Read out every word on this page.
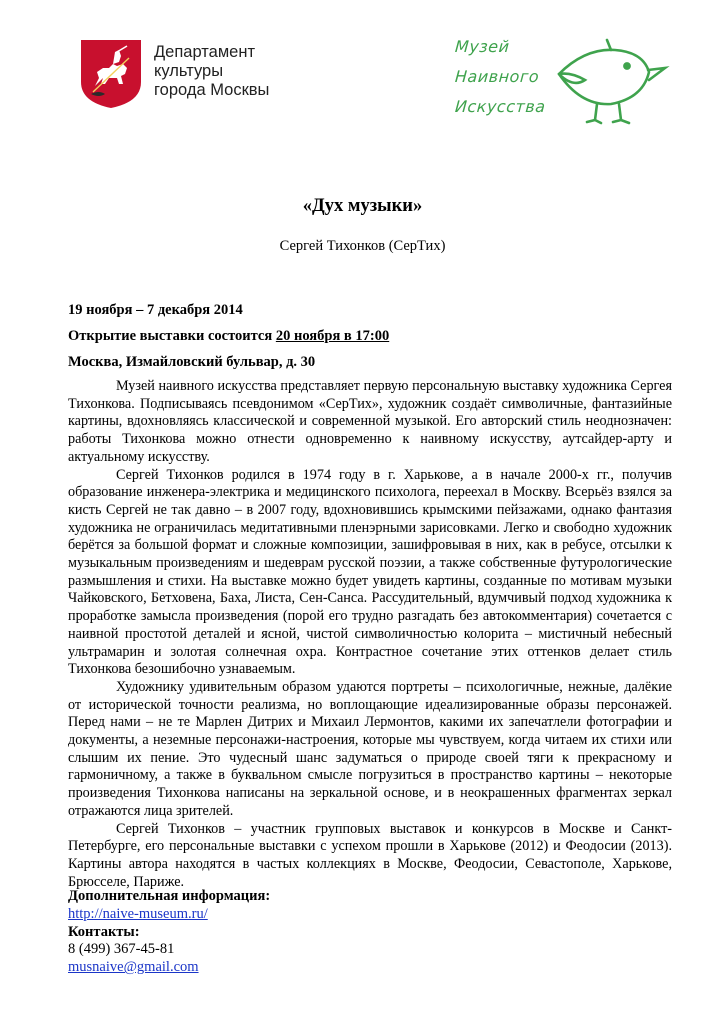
Департамент
культуры
города Москвы
Музей
Наивного
Искусства
«Дух музыки»
Сергей Тихонков (СерТих)

19 ноября – 7 декабря 2014

Открытие выставки состоится 20 ноября в 17:00

Москва, Измайловский бульвар, д. 30

Музей наивного искусства представляет первую персональную выставку художника Сергея Тихонкова. Подписываясь псевдонимом «СерТих», художник создаёт символичные, фантазийные картины, вдохновляясь классической и современной музыкой. Его авторский стиль неоднозначен: работы Тихонкова можно отнести одновременно к наивному искусству, аутсайдер-арту и актуальному искусству.

Сергей Тихонков родился в 1974 году в г. Харькове, а в начале 2000-х гг., получив образование инженера-электрика и медицинского психолога, переехал в Москву. Всерьёз взялся за кисть Сергей не так давно – в 2007 году, вдохновившись крымскими пейзажами, однако фантазия художника не ограничилась медитативными пленэрными зарисовками. Легко и свободно художник берётся за большой формат и сложные композиции, зашифровывая в них, как в ребусе, отсылки к музыкальным произведениям и шедеврам русской поэзии, а также собственные футурологические размышления и стихи. На выставке можно будет увидеть картины, созданные по мотивам музыки Чайковского, Бетховена, Баха, Листа, Сен-Санса. Рассудительный, вдумчивый подход художника к проработке замысла произведения (порой его трудно разгадать без автокомментария) сочетается с наивной простотой деталей и ясной, чистой символичностью колорита – мистичный небесный ультрамарин и золотая солнечная охра. Контрастное сочетание этих оттенков делает стиль Тихонкова безошибочно узнаваемым.

Художнику удивительным образом удаются портреты – психологичные, нежные, далёкие от исторической точности реализма, но воплощающие идеализированные образы персонажей. Перед нами – не те Марлен Дитрих и Михаил Лермонтов, какими их запечатлели фотографии и документы, а неземные персонажи-настроения, которые мы чувствуем, когда читаем их стихи или слышим их пение. Это чудесный шанс задуматься о природе своей тяги к прекрасному и гармоничному, а также в буквальном смысле погрузиться в пространство картины – некоторые произведения Тихонкова написаны на зеркальной основе, и в неокрашенных фрагментах зеркал отражаются лица зрителей.

Сергей Тихонков – участник групповых выставок и конкурсов в Москве и Санкт-Петербурге, его персональные выставки с успехом прошли в Харькове (2012) и Феодосии (2013). Картины автора находятся в частых коллекциях в Москве, Феодосии, Севастополе, Харькове, Брюсселе, Париже.

Дополнительная информация:
http://naive-museum.ru/
Контакты:
8 (499) 367-45-81
musnaive@gmail.com
